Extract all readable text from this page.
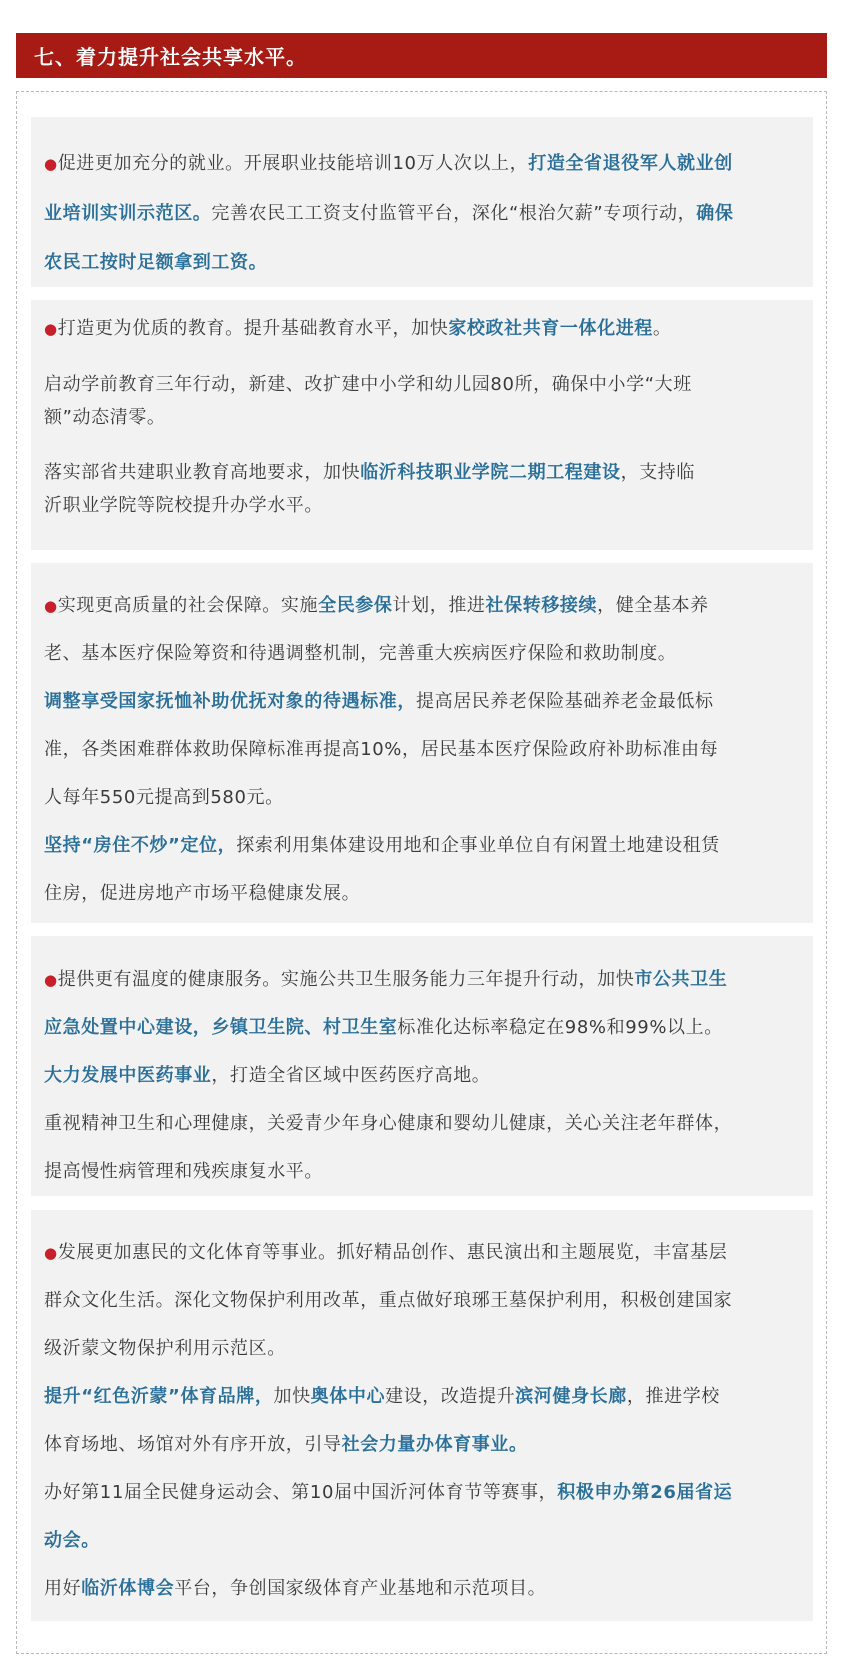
七、着力提升社会共享水平。
●促进更加充分的就业。开展职业技能培训10万人次以上，打造全省退役军人就业创
业培训实训示范区。完善农民工工资支付监管平台，深化“根治欠薪”专项行动，确保
农民工按时足额拿到工资。
●打造更为优质的教育。提升基础教育水平，加快家校政社共育一体化进程。
启动学前教育三年行动，新建、改扩建中小学和幼儿园80所，确保中小学“大班
额”动态清零。
落实部省共建职业教育高地要求，加快临沂科技职业学院二期工程建设，支持临
沂职业学院等院校提升办学水平。
●实现更高质量的社会保障。实施全民参保计划，推进社保转移接续，健全基本养
老、基本医疗保险筹资和待遇调整机制，完善重大疾病医疗保险和救助制度。
调整享受国家抚恤补助优抚对象的待遇标准，提高居民养老保险基础养老金最低标
准，各类困难群体救助保障标准再提高10%，居民基本医疗保险政府补助标准由每
人每年550元提高到580元。
坚持“房住不炒”定位，探索利用集体建设用地和企事业单位自有闲置土地建设租赁
住房，促进房地产市场平稳健康发展。
●提供更有温度的健康服务。实施公共卫生服务能力三年提升行动，加快市公共卫生
应急处置中心建设，乡镇卫生院、村卫生室标准化达标率稳定在98%和99%以上。
大力发展中医药事业，打造全省区域中医药医疗高地。
重视精神卫生和心理健康，关爱青少年身心健康和婴幼儿健康，关心关注老年群体，
提高慢性病管理和残疾康复水平。
●发展更加惠民的文化体育等事业。抓好精品创作、惠民演出和主题展览，丰富基层
群众文化生活。深化文物保护利用改革，重点做好琅琊王墓保护利用，积极创建国家
级沂蒙文物保护利用示范区。
提升“红色沂蒙”体育品牌，加快奥体中心建设，改造提升滨河健身长廊，推进学校
体育场地、场馆对外有序开放，引导社会力量办体育事业。
办好第11届全民健身运动会、第10届中国沂河体育节等赛事，积极申办第26届省运
动会。
用好临沂体博会平台，争创国家级体育产业基地和示范项目。
